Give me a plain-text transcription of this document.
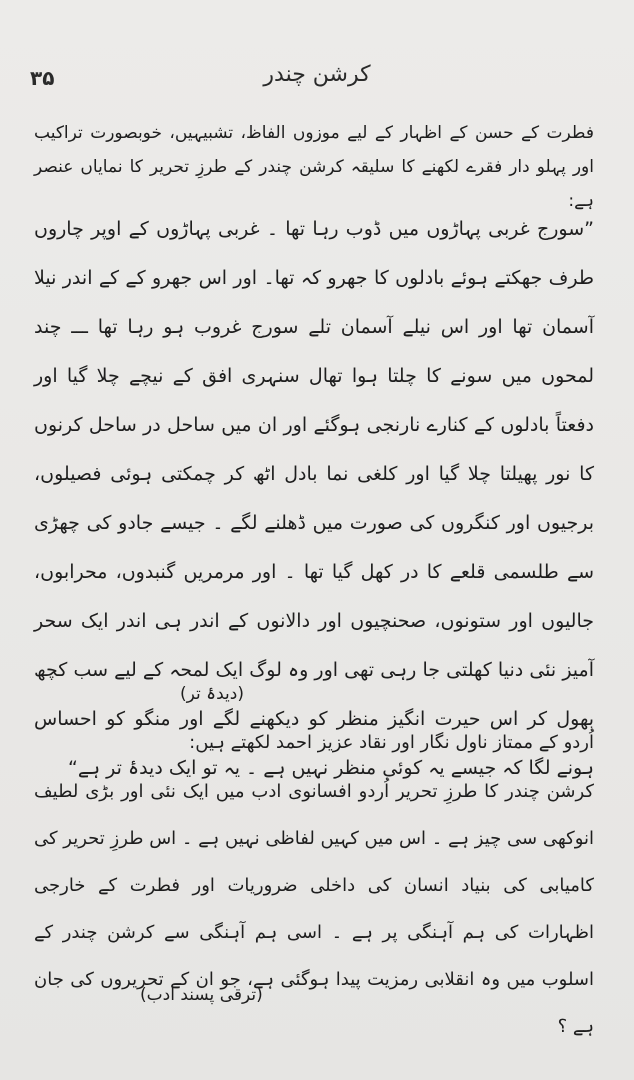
۳۵	کرشن چندر
فطرت کے حسن کے اظہار کے لیے موزوں الفاظ، تشبیہیں، خوبصورت تراکیب اور پہلو دار فقرے لکھنے کا سلیقہ کرشن چندر کے طرزِ تحریر کا نمایاں عنصر ہے:
”سورج غربی پہاڑوں میں ڈوب رہا تھا ۔ غربی پہاڑوں کے اوپر چاروں طرف جھکتے ہوئے بادلوں کا جھرو کہ تھا۔ اور اس جھرو کے کے اندر نیلا آسمان تھا اور اس نیلے آسمان تلے سورج غروب ہو رہا تھا ـــ چند لمحوں میں سونے کا چلتا ہوا تھال سنہری افق کے نیچے چلا گیا اور دفعتاً بادلوں کے کنارے نارنجی ہوگئے اور ان میں ساحل در ساحل کرنوں کا نور پھیلتا چلا گیا اور کلغی نما بادل اٹھ کر چمکتی ہوئی فصیلوں، برجیوں اور کنگروں کی صورت میں ڈھلنے لگے ۔ جیسے جادو کی چھڑی سے طلسمی قلعے کا در کھل گیا تھا ۔ اور مرمریں گنبدوں، محرابوں، جالیوں اور ستونوں، صحنچیوں اور دالانوں کے اندر ہی اندر ایک سحر آمیز نئی دنیا کھلتی جا رہی تھی اور وہ لوگ ایک لمحہ کے لیے سب کچھ بھول کر اس حیرت انگیز منظر کو دیکھنے لگے اور منگو کو احساس ہونے لگا کہ جیسے یہ کوئی منظر نہیں ہے ۔ یہ تو ایک دیدۂ تر ہے“
(دیدۂ تر)
اُردو کے ممتاز ناول نگار اور نقاد عزیز احمد لکھتے ہیں:
کرشن چندر کا طرزِ تحریر اُردو افسانوی ادب میں ایک نئی اور بڑی لطیف انوکھی سی چیز ہے ۔ اس میں کہیں لفاظی نہیں ہے ۔ اس طرزِ تحریر کی کامیابی کی بنیاد انسان کی داخلی ضروریات اور فطرت کے خارجی اظہارات کی ہم آہنگی پر ہے ۔ اسی ہم آہنگی سے کرشن چندر کے اسلوب میں وہ انقلابی رمزیت پیدا ہوگئی ہے، جو ان کے تحریروں کی جان ہے ؟
(ترقی پسند ادب)
